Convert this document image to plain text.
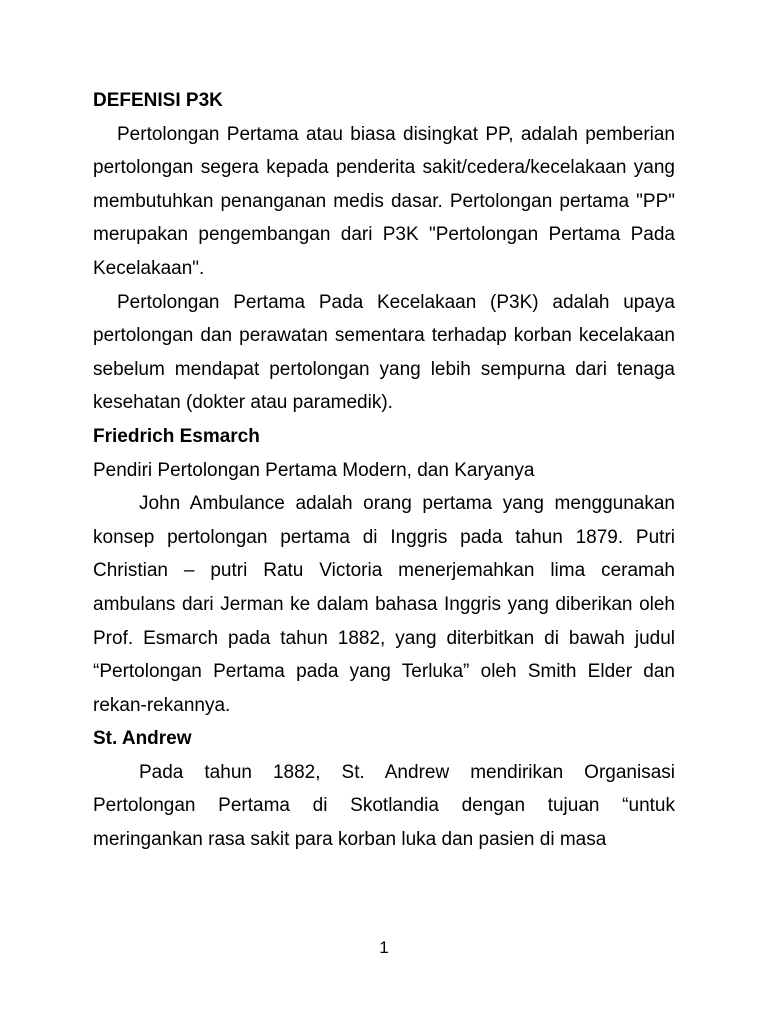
DEFENISI P3K

Pertolongan Pertama atau biasa disingkat PP, adalah pemberian pertolongan segera kepada penderita sakit/cedera/kecelakaan yang membutuhkan penanganan medis dasar. Pertolongan pertama "PP" merupakan pengembangan dari P3K "Pertolongan Pertama Pada Kecelakaan".

Pertolongan Pertama Pada Kecelakaan (P3K) adalah upaya pertolongan dan perawatan sementara terhadap korban kecelakaan sebelum mendapat pertolongan yang lebih sempurna dari tenaga kesehatan (dokter atau paramedik).

Friedrich Esmarch
Pendiri Pertolongan Pertama Modern, dan Karyanya

John Ambulance adalah orang pertama yang menggunakan konsep pertolongan pertama di Inggris pada tahun 1879. Putri Christian – putri Ratu Victoria menerjemahkan lima ceramah ambulans dari Jerman ke dalam bahasa Inggris yang diberikan oleh Prof. Esmarch pada tahun 1882, yang diterbitkan di bawah judul “Pertolongan Pertama pada yang Terluka” oleh Smith Elder dan rekan-rekannya.

St. Andrew

Pada tahun 1882, St. Andrew mendirikan Organisasi Pertolongan Pertama di Skotlandia dengan tujuan “untuk meringankan rasa sakit para korban luka dan pasien di masa

1
